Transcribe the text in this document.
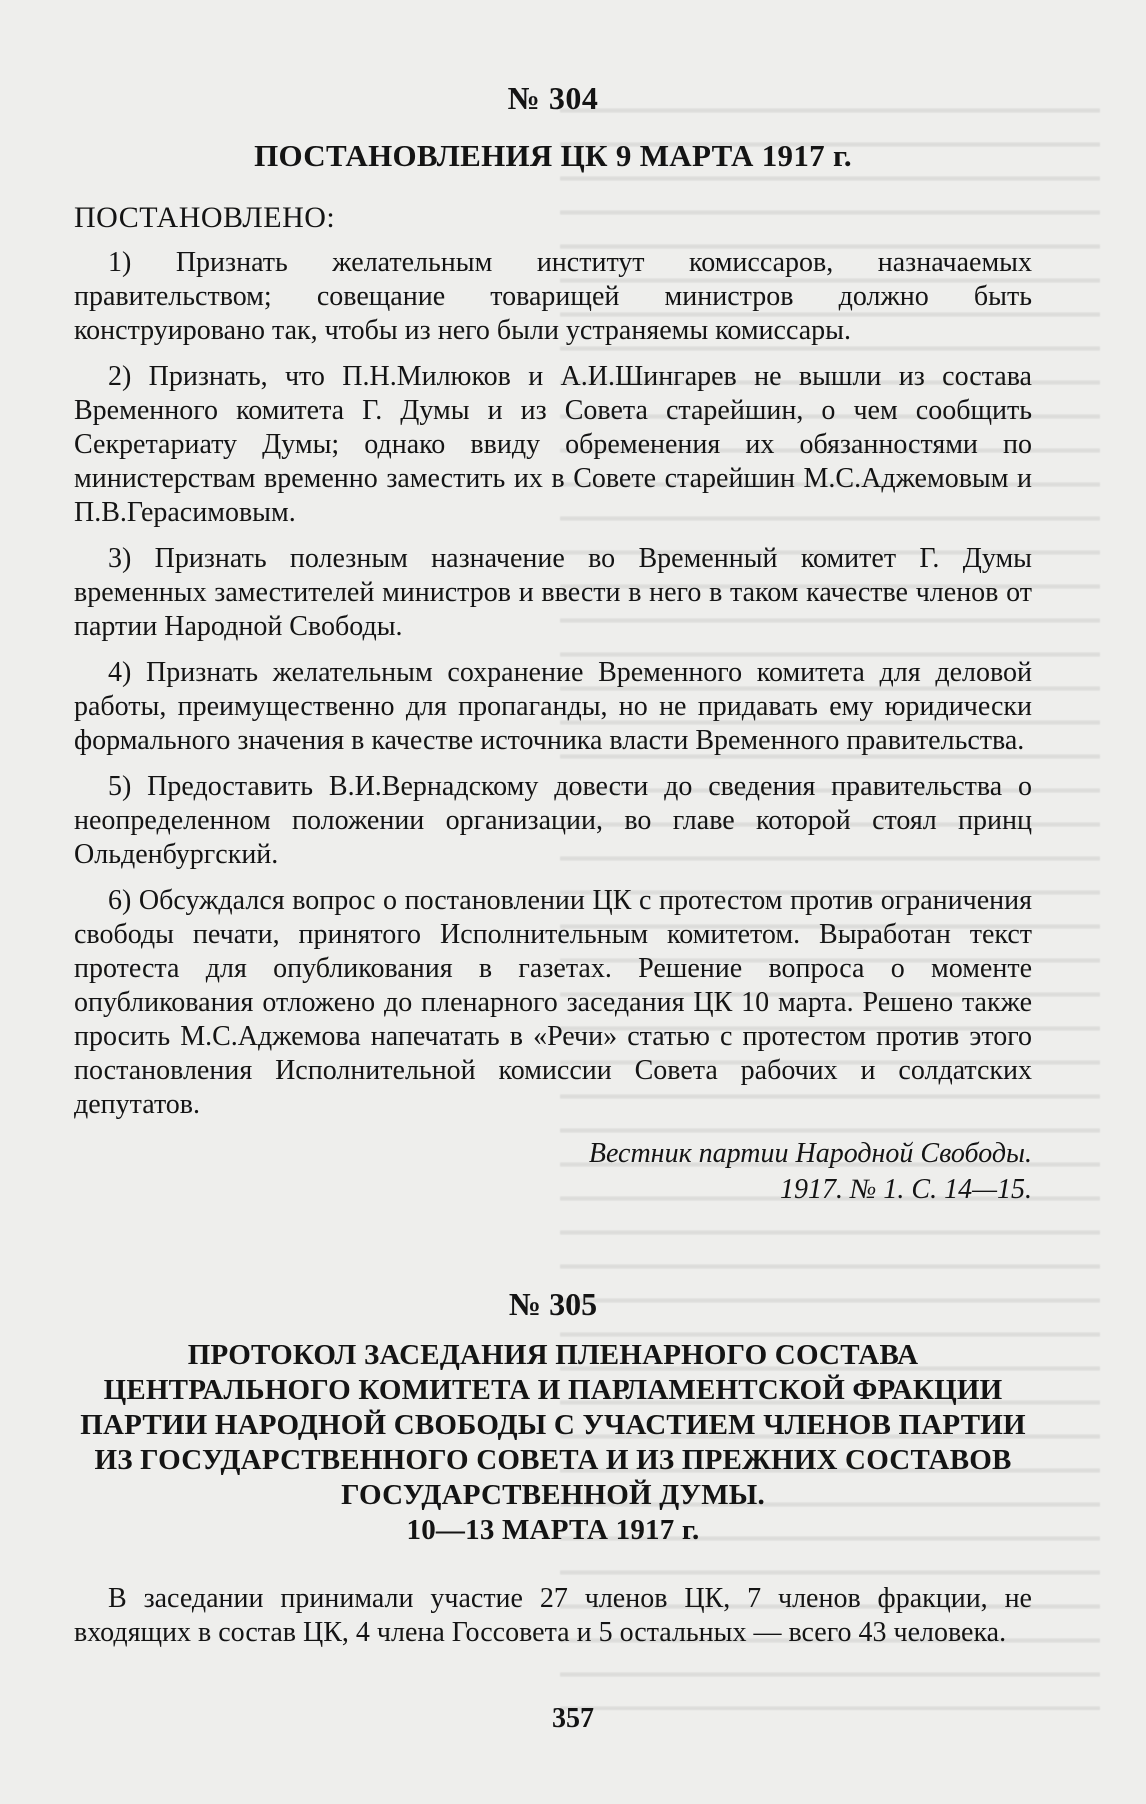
№ 304
ПОСТАНОВЛЕНИЯ ЦК 9 МАРТА 1917 г.
ПОСТАНОВЛЕНО:

1) Признать желательным институт комиссаров, назначаемых правительством; совещание товарищей министров должно быть конструировано так, чтобы из него были устраняемы комиссары.

2) Признать, что П.Н.Милюков и А.И.Шингарев не вышли из состава Временного комитета Г. Думы и из Совета старейшин, о чем сообщить Секретариату Думы; однако ввиду обременения их обязанностями по министерствам временно заместить их в Совете старейшин М.С.Аджемовым и П.В.Герасимовым.

3) Признать полезным назначение во Временный комитет Г. Думы временных заместителей министров и ввести в него в таком качестве членов от партии Народной Свободы.

4) Признать желательным сохранение Временного комитета для деловой работы, преимущественно для пропаганды, но не придавать ему юридически формального значения в качестве источника власти Временного правительства.

5) Предоставить В.И.Вернадскому довести до сведения правительства о неопределенном положении организации, во главе которой стоял принц Ольденбургский.

6) Обсуждался вопрос о постановлении ЦК с протестом против ограничения свободы печати, принятого Исполнительным комитетом. Выработан текст протеста для опубликования в газетах. Решение вопроса о моменте опубликования отложено до пленарного заседания ЦК 10 марта. Решено также просить М.С.Аджемова напечатать в «Речи» статью с протестом против этого постановления Исполнительной комиссии Совета рабочих и солдатских депутатов.

Вестник партии Народной Свободы.
1917. № 1. С. 14—15.
№ 305
ПРОТОКОЛ ЗАСЕДАНИЯ ПЛЕНАРНОГО СОСТАВА ЦЕНТРАЛЬНОГО КОМИТЕТА И ПАРЛАМЕНТСКОЙ ФРАКЦИИ ПАРТИИ НАРОДНОЙ СВОБОДЫ С УЧАСТИЕМ ЧЛЕНОВ ПАРТИИ ИЗ ГОСУДАРСТВЕННОГО СОВЕТА И ИЗ ПРЕЖНИХ СОСТАВОВ ГОСУДАРСТВЕННОЙ ДУМЫ.
10—13 МАРТА 1917 г.

В заседании принимали участие 27 членов ЦК, 7 членов фракции, не входящих в состав ЦК, 4 члена Госсовета и 5 остальных — всего 43 человека.

357
